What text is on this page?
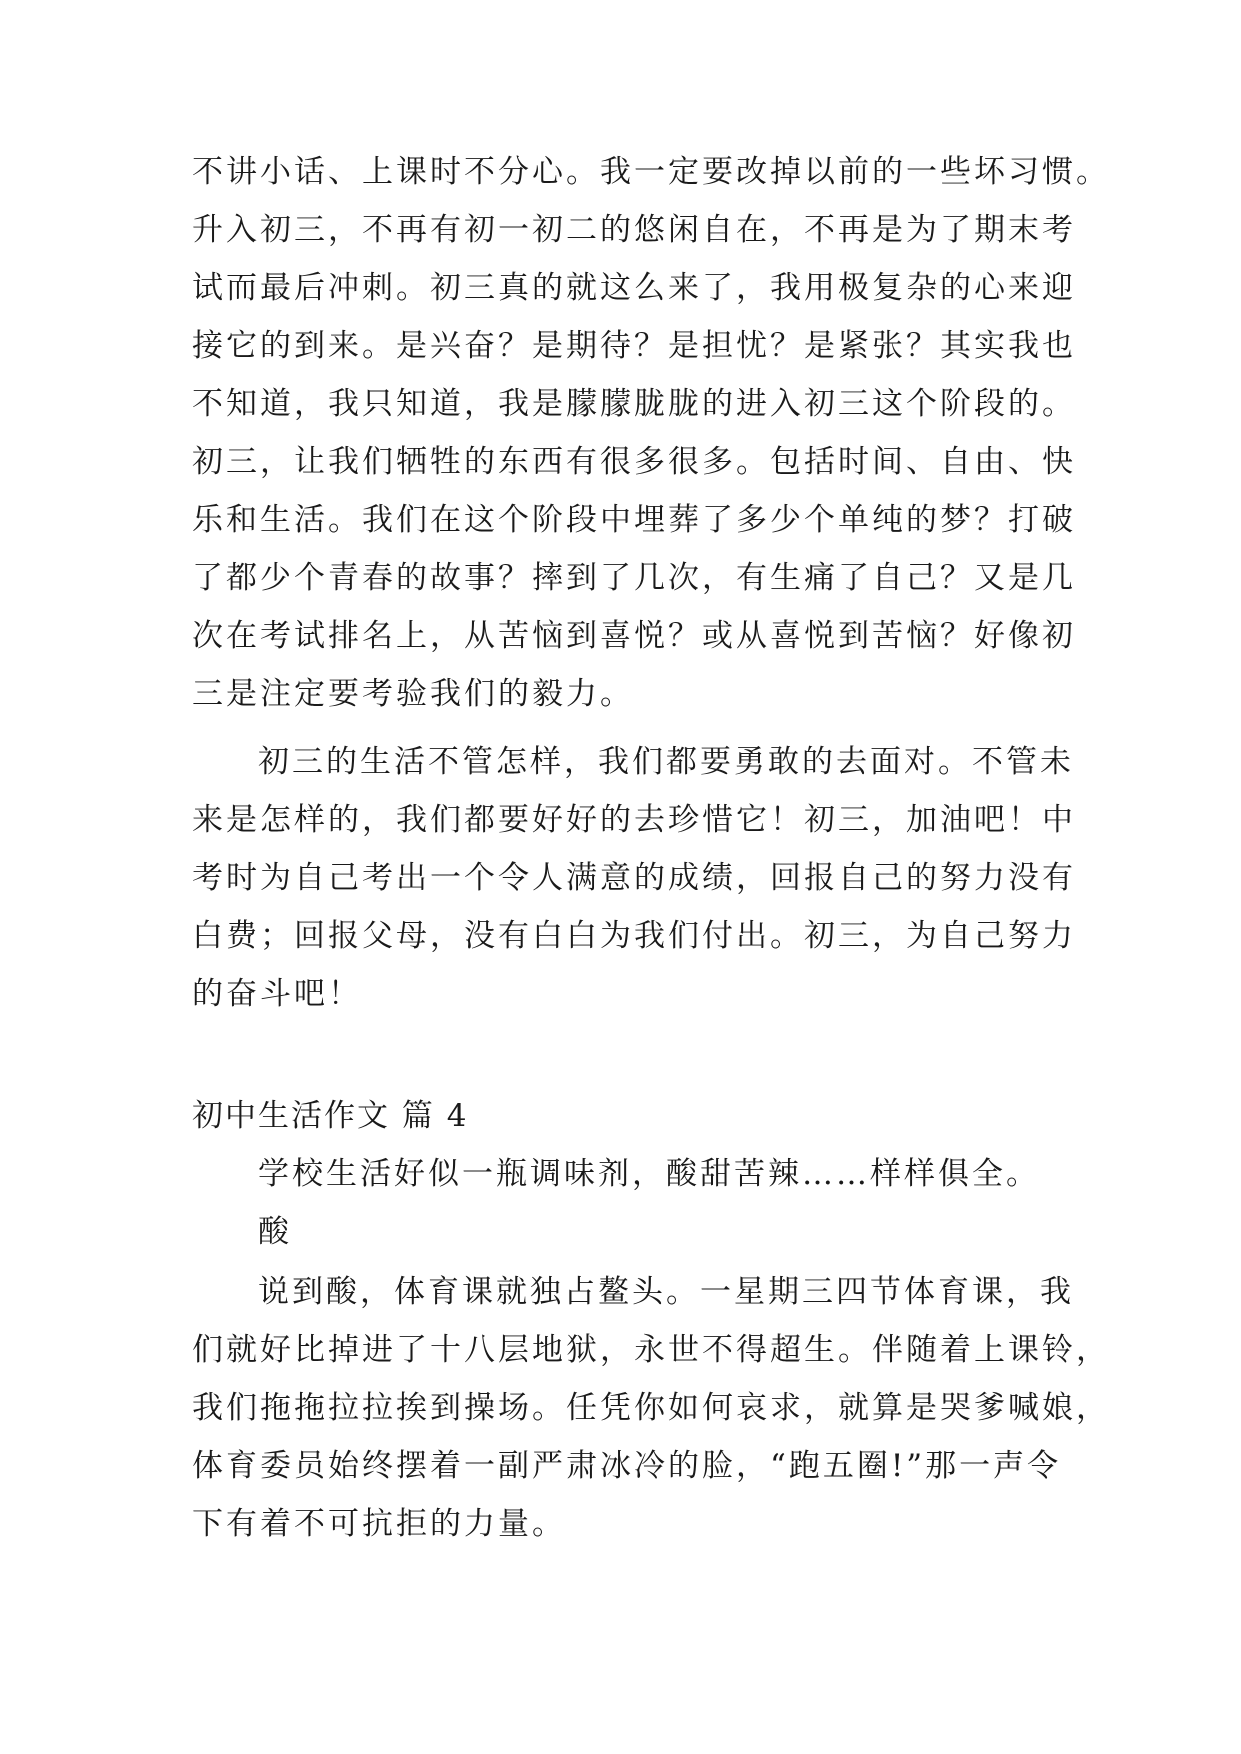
不讲小话、上课时不分心。我一定要改掉以前的一些坏习惯。
升入初三，不再有初一初二的悠闲自在，不再是为了期末考
试而最后冲刺。初三真的就这么来了，我用极复杂的心来迎
接它的到来。是兴奋？是期待？是担忧？是紧张？其实我也
不知道，我只知道，我是朦朦胧胧的进入初三这个阶段的。
初三，让我们牺牲的东西有很多很多。包括时间、自由、快
乐和生活。我们在这个阶段中埋葬了多少个单纯的梦？打破
了都少个青春的故事？摔到了几次，有生痛了自己？又是几
次在考试排名上，从苦恼到喜悦？或从喜悦到苦恼？好像初
三是注定要考验我们的毅力。
初三的生活不管怎样，我们都要勇敢的去面对。不管未
来是怎样的，我们都要好好的去珍惜它！初三，加油吧！中
考时为自己考出一个令人满意的成绩，回报自己的努力没有
白费；回报父母，没有白白为我们付出。初三，为自己努力
的奋斗吧！
初中生活作文 篇 4
学校生活好似一瓶调味剂，酸甜苦辣……样样俱全。
酸
说到酸，体育课就独占鳌头。一星期三四节体育课，我
们就好比掉进了十八层地狱，永世不得超生。伴随着上课铃，
我们拖拖拉拉挨到操场。任凭你如何哀求，就算是哭爹喊娘，
体育委员始终摆着一副严肃冰冷的脸，“跑五圈!”那一声令
下有着不可抗拒的力量。
